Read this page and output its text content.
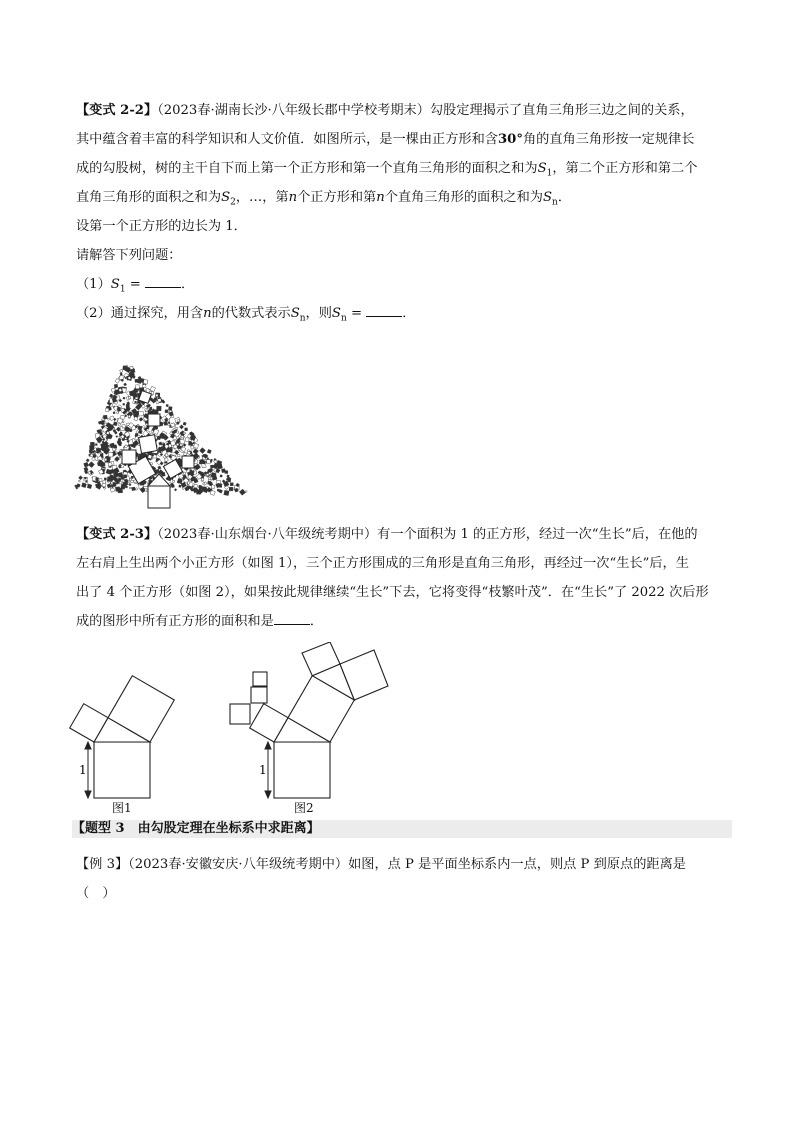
【变式 2-2】（2023春·湖南长沙·八年级长郡中学校考期末）勾股定理揭示了直角三角形三边之间的关系，
其中蕴含着丰富的科学知识和人文价值．如图所示，是一棵由正方形和含30°角的直角三角形按一定规律长
成的勾股树，树的主干自下而上第一个正方形和第一个直角三角形的面积之和为$S_1$，第二个正方形和第二个
直角三角形的面积之和为$S_2$，…，第n个正方形和第n个直角三角形的面积之和为$S_n$．
设第一个正方形的边长为 1．
请解答下列问题：
$(1)S_1$ =	．
（2）通过探究，用含n的代数式表示$S_n$，则$S_n$ =	．
【变式 2-3】（2023春·山东烟台·八年级统考期中）有一个面积为 1 的正方形，经过一次“生长”后，在他的
左右肩上生出两个小正方形（如图 1），三个正方形围成的三角形是直角三角形，再经过一次“生长”后，生
出了 4 个正方形（如图 2），如果按此规律继续“生长”下去，它将变得“枝繁叶茂”．在“生长”了 2022 次后形
成的图形中所有正方形的面积和是	．
1
图1
1
图2
【题型 3　由勾股定理在坐标系中求距离】
【例 3】（2023春·安徽安庆·八年级统考期中）如图，点 P 是平面坐标系内一点，则点 P 到原点的距离是
（　）
